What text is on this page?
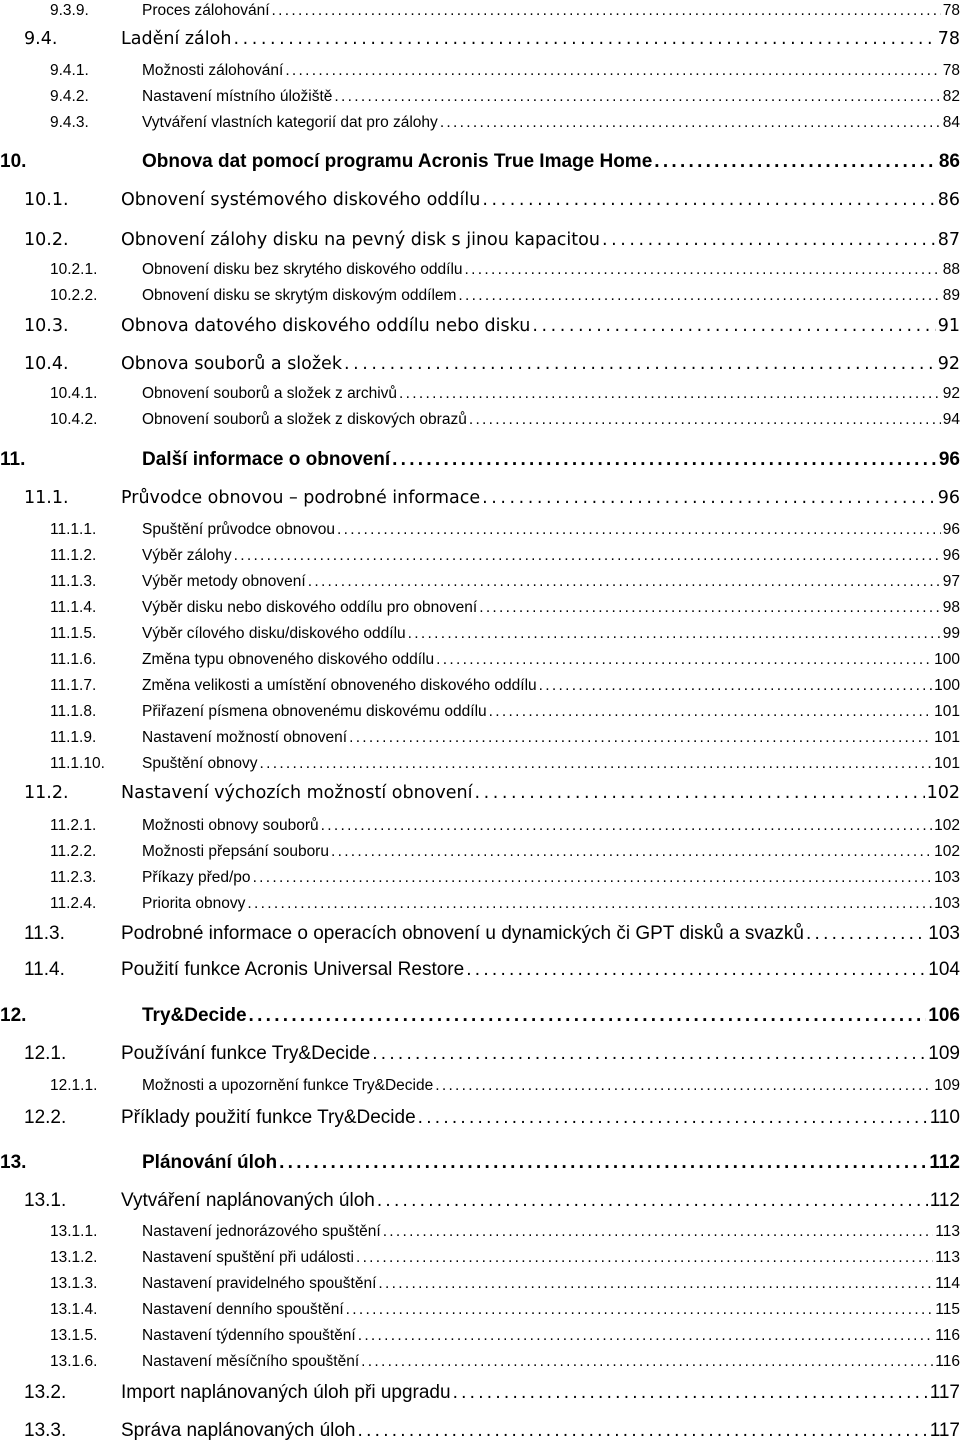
9.3.9.	Proces zálohování . . .	78
9.4.	Ladění záloh . . .	78
9.4.1.	Možnosti zálohování . . .	78
9.4.2.	Nastavení místního úložiště . . .	82
9.4.3.	Vytváření vlastních kategorií dat pro zálohy . . .	84
10.	Obnova dat pomocí programu Acronis True Image Home . . .	86
10.1.	Obnovení systémového diskového oddílu . . .	86
10.2.	Obnovení zálohy disku na pevný disk s jinou kapacitou . . .	87
10.2.1.	Obnovení disku bez skrytého diskového oddílu . . .	88
10.2.2.	Obnovení disku se skrytým diskovým oddílem . . .	89
10.3.	Obnova datového diskového oddílu nebo disku . . .	91
10.4.	Obnova souborů a složek . . .	92
10.4.1.	Obnovení souborů a složek z archivů . . .	92
10.4.2.	Obnovení souborů a složek z diskových obrazů . . .	94
11.	Další informace o obnovení . . .	96
11.1.	Průvodce obnovou – podrobné informace . . .	96
11.1.1.	Spuštění průvodce obnovou . . .	96
11.1.2.	Výběr zálohy . . .	96
11.1.3.	Výběr metody obnovení . . .	97
11.1.4.	Výběr disku nebo diskového oddílu pro obnovení . . .	98
11.1.5.	Výběr cílového disku/diskového oddílu . . .	99
11.1.6.	Změna typu obnoveného diskového oddílu . . .	100
11.1.7.	Změna velikosti a umístění obnoveného diskového oddílu . . .	100
11.1.8.	Přiřazení písmena obnovenému diskovému oddílu . . .	101
11.1.9.	Nastavení možností obnovení . . .	101
11.1.10. Spuštění obnovy . . .	101
11.2.	Nastavení výchozích možností obnovení . . .	102
11.2.1.	Možnosti obnovy souborů . . .	102
11.2.2.	Možnosti přepsání souboru . . .	102
11.2.3.	Příkazy před/po . . .	103
11.2.4.	Priorita obnovy . . .	103
11.3.	Podrobné informace o operacích obnovení u dynamických či GPT disků a svazků . . .	103
11.4.	Použití funkce Acronis Universal Restore . . .	104
12.	Try&Decide . . .	106
12.1.	Používání funkce Try&Decide . . .	109
12.1.1.	Možnosti a upozornění funkce Try&Decide . . .	109
12.2.	Příklady použití funkce Try&Decide . . .	110
13.	Plánování úloh . . .	112
13.1.	Vytváření naplánovaných úloh . . .	112
13.1.1.	Nastavení jednorázového spuštění . . .	113
13.1.2.	Nastavení spuštění při události . . .	113
13.1.3.	Nastavení pravidelného spouštění . . .	114
13.1.4.	Nastavení denního spouštění . . .	115
13.1.5.	Nastavení týdenního spouštění . . .	116
13.1.6.	Nastavení měsíčního spouštění . . .	116
13.2.	Import naplánovaných úloh při upgradu . . .	117
13.3.	Správa naplánovaných úloh . . .	117
